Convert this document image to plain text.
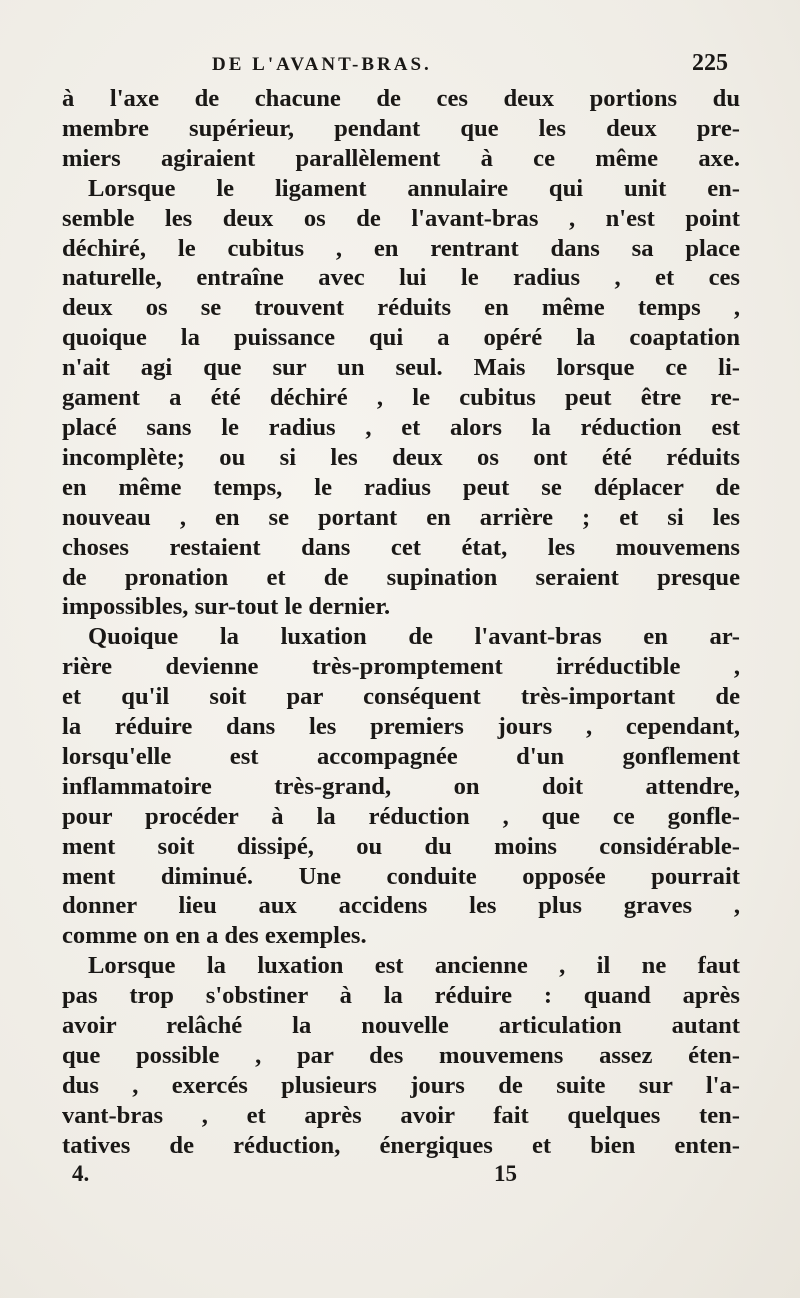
DE L'AVANT-BRAS.	225
à l'axe de chacune de ces deux portions du
membre supérieur, pendant que les deux pre-
miers agiraient parallèlement à ce même axe.
Lorsque le ligament annulaire qui unit en-
semble les deux os de l'avant-bras , n'est point
déchiré, le cubitus , en rentrant dans sa place
naturelle, entraîne avec lui le radius , et ces
deux os se trouvent réduits en même temps ,
quoique la puissance qui a opéré la coaptation
n'ait agi que sur un seul. Mais lorsque ce li-
gament a été déchiré , le cubitus peut être re-
placé sans le radius , et alors la réduction est
incomplète; ou si les deux os ont été réduits
en même temps, le radius peut se déplacer de
nouveau , en se portant en arrière ; et si les
choses restaient dans cet état, les mouvemens
de pronation et de supination seraient presque
impossibles, sur-tout le dernier.
Quoique la luxation de l'avant-bras en ar-
rière devienne très-promptement irréductible ,
et qu'il soit par conséquent très-important de
la réduire dans les premiers jours , cependant,
lorsqu'elle est accompagnée d'un gonflement
inflammatoire très-grand, on doit attendre,
pour procéder à la réduction , que ce gonfle-
ment soit dissipé, ou du moins considérable-
ment diminué. Une conduite opposée pourrait
donner lieu aux accidens les plus graves ,
comme on en a des exemples.
Lorsque la luxation est ancienne , il ne faut
pas trop s'obstiner à la réduire : quand après
avoir relâché la nouvelle articulation autant
que possible , par des mouvemens assez éten-
dus , exercés plusieurs jours de suite sur l'a-
vant-bras , et après avoir fait quelques ten-
tatives de réduction, énergiques et bien enten-
4.	15
